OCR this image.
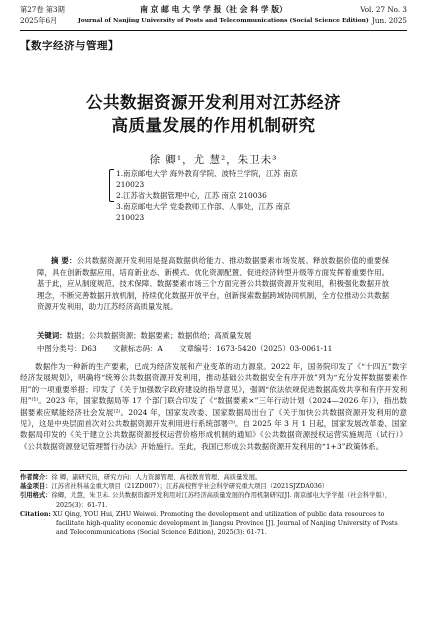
第27卷 第3期	南 京 邮 电 大 学 学 报（社 会 科 学 版）	Vol. 27 No. 3
2025年6月	Journal of Nanjing University of Posts and Telecommunications (Social Science Edition) Jun. 2025
【数字经济与管理】
公共数据资源开发利用对江苏经济
高质量发展的作用机制研究
徐 卿¹，尤 慧²，朱卫未³
1.南京邮电大学 海外教育学院、波特兰学院，江苏 南京 210023
2.江苏省大数据管理中心，江苏 南京 210036
3.南京邮电大学 党委教师工作部、人事处，江苏 南京 210023
摘 要：公共数据资源开发利用是提高数据供给能力、推动数据要素市场发展、释放数据价值的重要保障，具在创新数据应用、培育新业态、新模式、优化资源配置、促进经济转型升级等方面发挥着重要作用。基于此，应从制度规范、技术保障、数据要素市场三个方面完善公共数据资源开发利用，积极强化数据开放理念，不断完善数据开放机制，持续优化数据开放平台，创新探索数据跨域协同机制，全方位推动公共数据资源开发利用，助力江苏经济高质量发展。
关键词：数据；公共数据资源；数据要素；数据供给；高质量发展
中图分类号：D63 文献标志码：A 文章编号：1673-5420（2025）03-0061-11
数据作为一种新的生产要素，已成为经济发展和产业变革的动力源泉。2022 年，国务院印发了《“十四五”数字经济发展规划》，明确将“统筹公共数据资源开发利用，推动基础公共数据安全有序开放”列为“充分发挥数据要素作用”的一项重要举措；印发了《关于加强数字政府建设的指导意见》，强调“依法依规促进数据高效共享和有序开发利用”⁽¹⁾。2023 年，国家数据局等 17 个部门联合印发了《“数据要素×”三年行动计划（2024—2026 年）》，指出数据要素应赋能经济社会发展⁽²⁾。2024 年，国家发改委、国家数据局出台了《关于加快公共数据资源开发利用的意见》，这是中央层面首次对公共数据资源开发利用进行系统部署⁽³⁾。自 2025 年 3 月 1 日起，国家发展改革委、国家数据局印发的《关于建立公共数据资源授权运营价格形成机制的通知》《公共数据资源授权运营实施规范（试行）》《公共数据资源登记管理暂行办法》开始施行。至此，我国已形成公共数据资源开发利用的“1+3”政策体系。
作者简介：徐 卿，副研究员，研究方向：人力资源管理、高校教育管理、高质量发展。
基金项目：江苏省社科基金重大项目（21ZD007）；江苏高校哲学社会科学研究重大项目（2021SJZDA036）
引用格式：徐卿，尤慧，朱卫未. 公共数据资源开发利用对江苏经济高质量发展的作用机制研究[J]. 南京邮电大学学报（社会科学版），2025(3)：61-71.
Citation: XU Qing, YOU Hui, ZHU Weiwei. Promoting the development and utilization of public data resources to facilitate high-quality economic development in Jiangsu Province [J]. Journal of Nanjing University of Posts and Telecommunications (Social Science Edition), 2025(3): 61-71.
